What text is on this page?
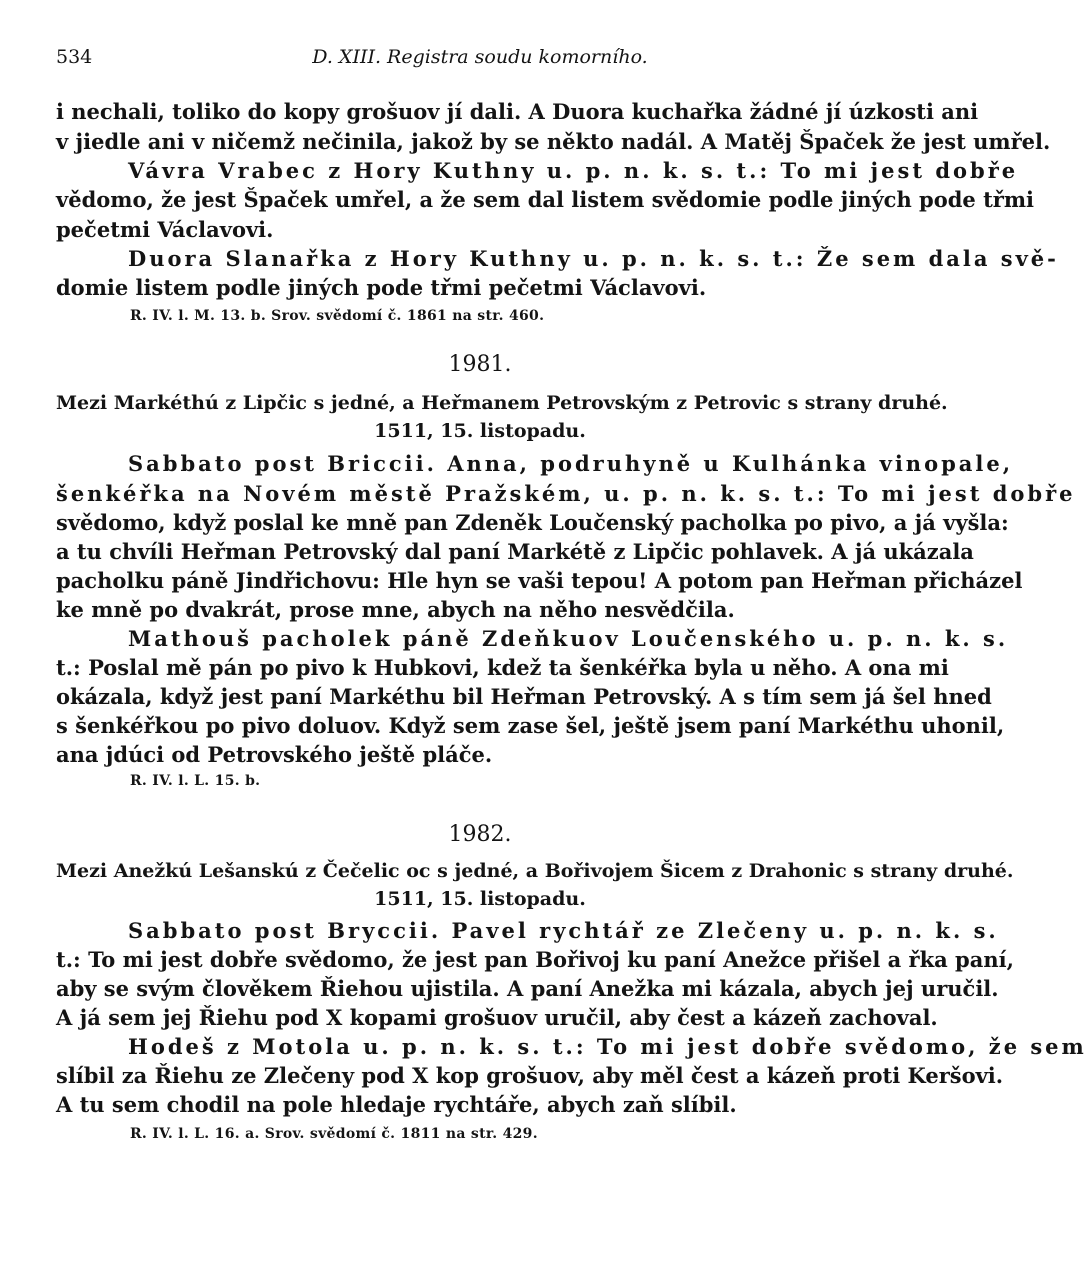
534	D. XIII. Registra soudu komorního.
i nechali, toliko do kopy grošuov jí dali. A Duora kuchařka žádné jí úzkosti ani
v jiedle ani v ničemž nečinila, jakož by se někto nadál. A Matěj Špaček že jest umřel.
Vávra Vrabec z Hory Kuthny u. p. n. k. s. t.: To mi jest dobře
vědomo, že jest Špaček umřel, a že sem dal listem svědomie podle jiných pode třmi
pečetmi Václavovi.
Duora Slanařka z Hory Kuthny u. p. n. k. s. t.: Že sem dala svě-
domie listem podle jiných pode třmi pečetmi Václavovi.
R. IV. l. M. 13. b. Srov. svědomí č. 1861 na str. 460.
1981.
Mezi Markéthú z Lipčic s jedné, a Heřmanem Petrovským z Petrovic s strany druhé.
1511, 15. listopadu.
Sabbato post Briccii. Anna, podruhyně u Kulhánka vinopale,
šenkéřka na Novém městě Pražském, u. p. n. k. s. t.: To mi jest dobře
svědomo, když poslal ke mně pan Zdeněk Loučenský pacholka po pivo, a já vyšla:
a tu chvíli Heřman Petrovský dal paní Markétě z Lipčic pohlavek. A já ukázala
pacholku páně Jindřichovu: Hle hyn se vaši tepou! A potom pan Heřman přicházel
ke mně po dvakrát, prose mne, abych na něho nesvědčila.
Mathouš pacholek páně Zdeňkuov Loučenského u. p. n. k. s.
t.: Poslal mě pán po pivo k Hubkovi, kdež ta šenkéřka byla u něho. A ona mi
okázala, když jest paní Markéthu bil Heřman Petrovský. A s tím sem já šel hned
s šenkéřkou po pivo doluov. Když sem zase šel, ještě jsem paní Markéthu uhonil,
ana jdúci od Petrovského ještě pláče.
R. IV. l. L. 15. b.
1982.
Mezi Anežkú Lešanskú z Čečelic oc s jedné, a Bořivojem Šicem z Drahonic s strany druhé.
1511, 15. listopadu.
Sabbato post Bryccii. Pavel rychtář ze Zlečeny u. p. n. k. s.
t.: To mi jest dobře svědomo, že jest pan Bořivoj ku paní Anežce přišel a řka paní,
aby se svým člověkem Řiehou ujistila. A paní Anežka mi kázala, abych jej uručil.
A já sem jej Řiehu pod X kopami grošuov uručil, aby čest a kázeň zachoval.
Hodeš z Motola u. p. n. k. s. t.: To mi jest dobře svědomo, že sem
slíbil za Řiehu ze Zlečeny pod X kop grošuov, aby měl čest a kázeň proti Keršovi.
A tu sem chodil na pole hledaje rychtáře, abych zaň slíbil.
R. IV. l. L. 16. a. Srov. svědomí č. 1811 na str. 429.
